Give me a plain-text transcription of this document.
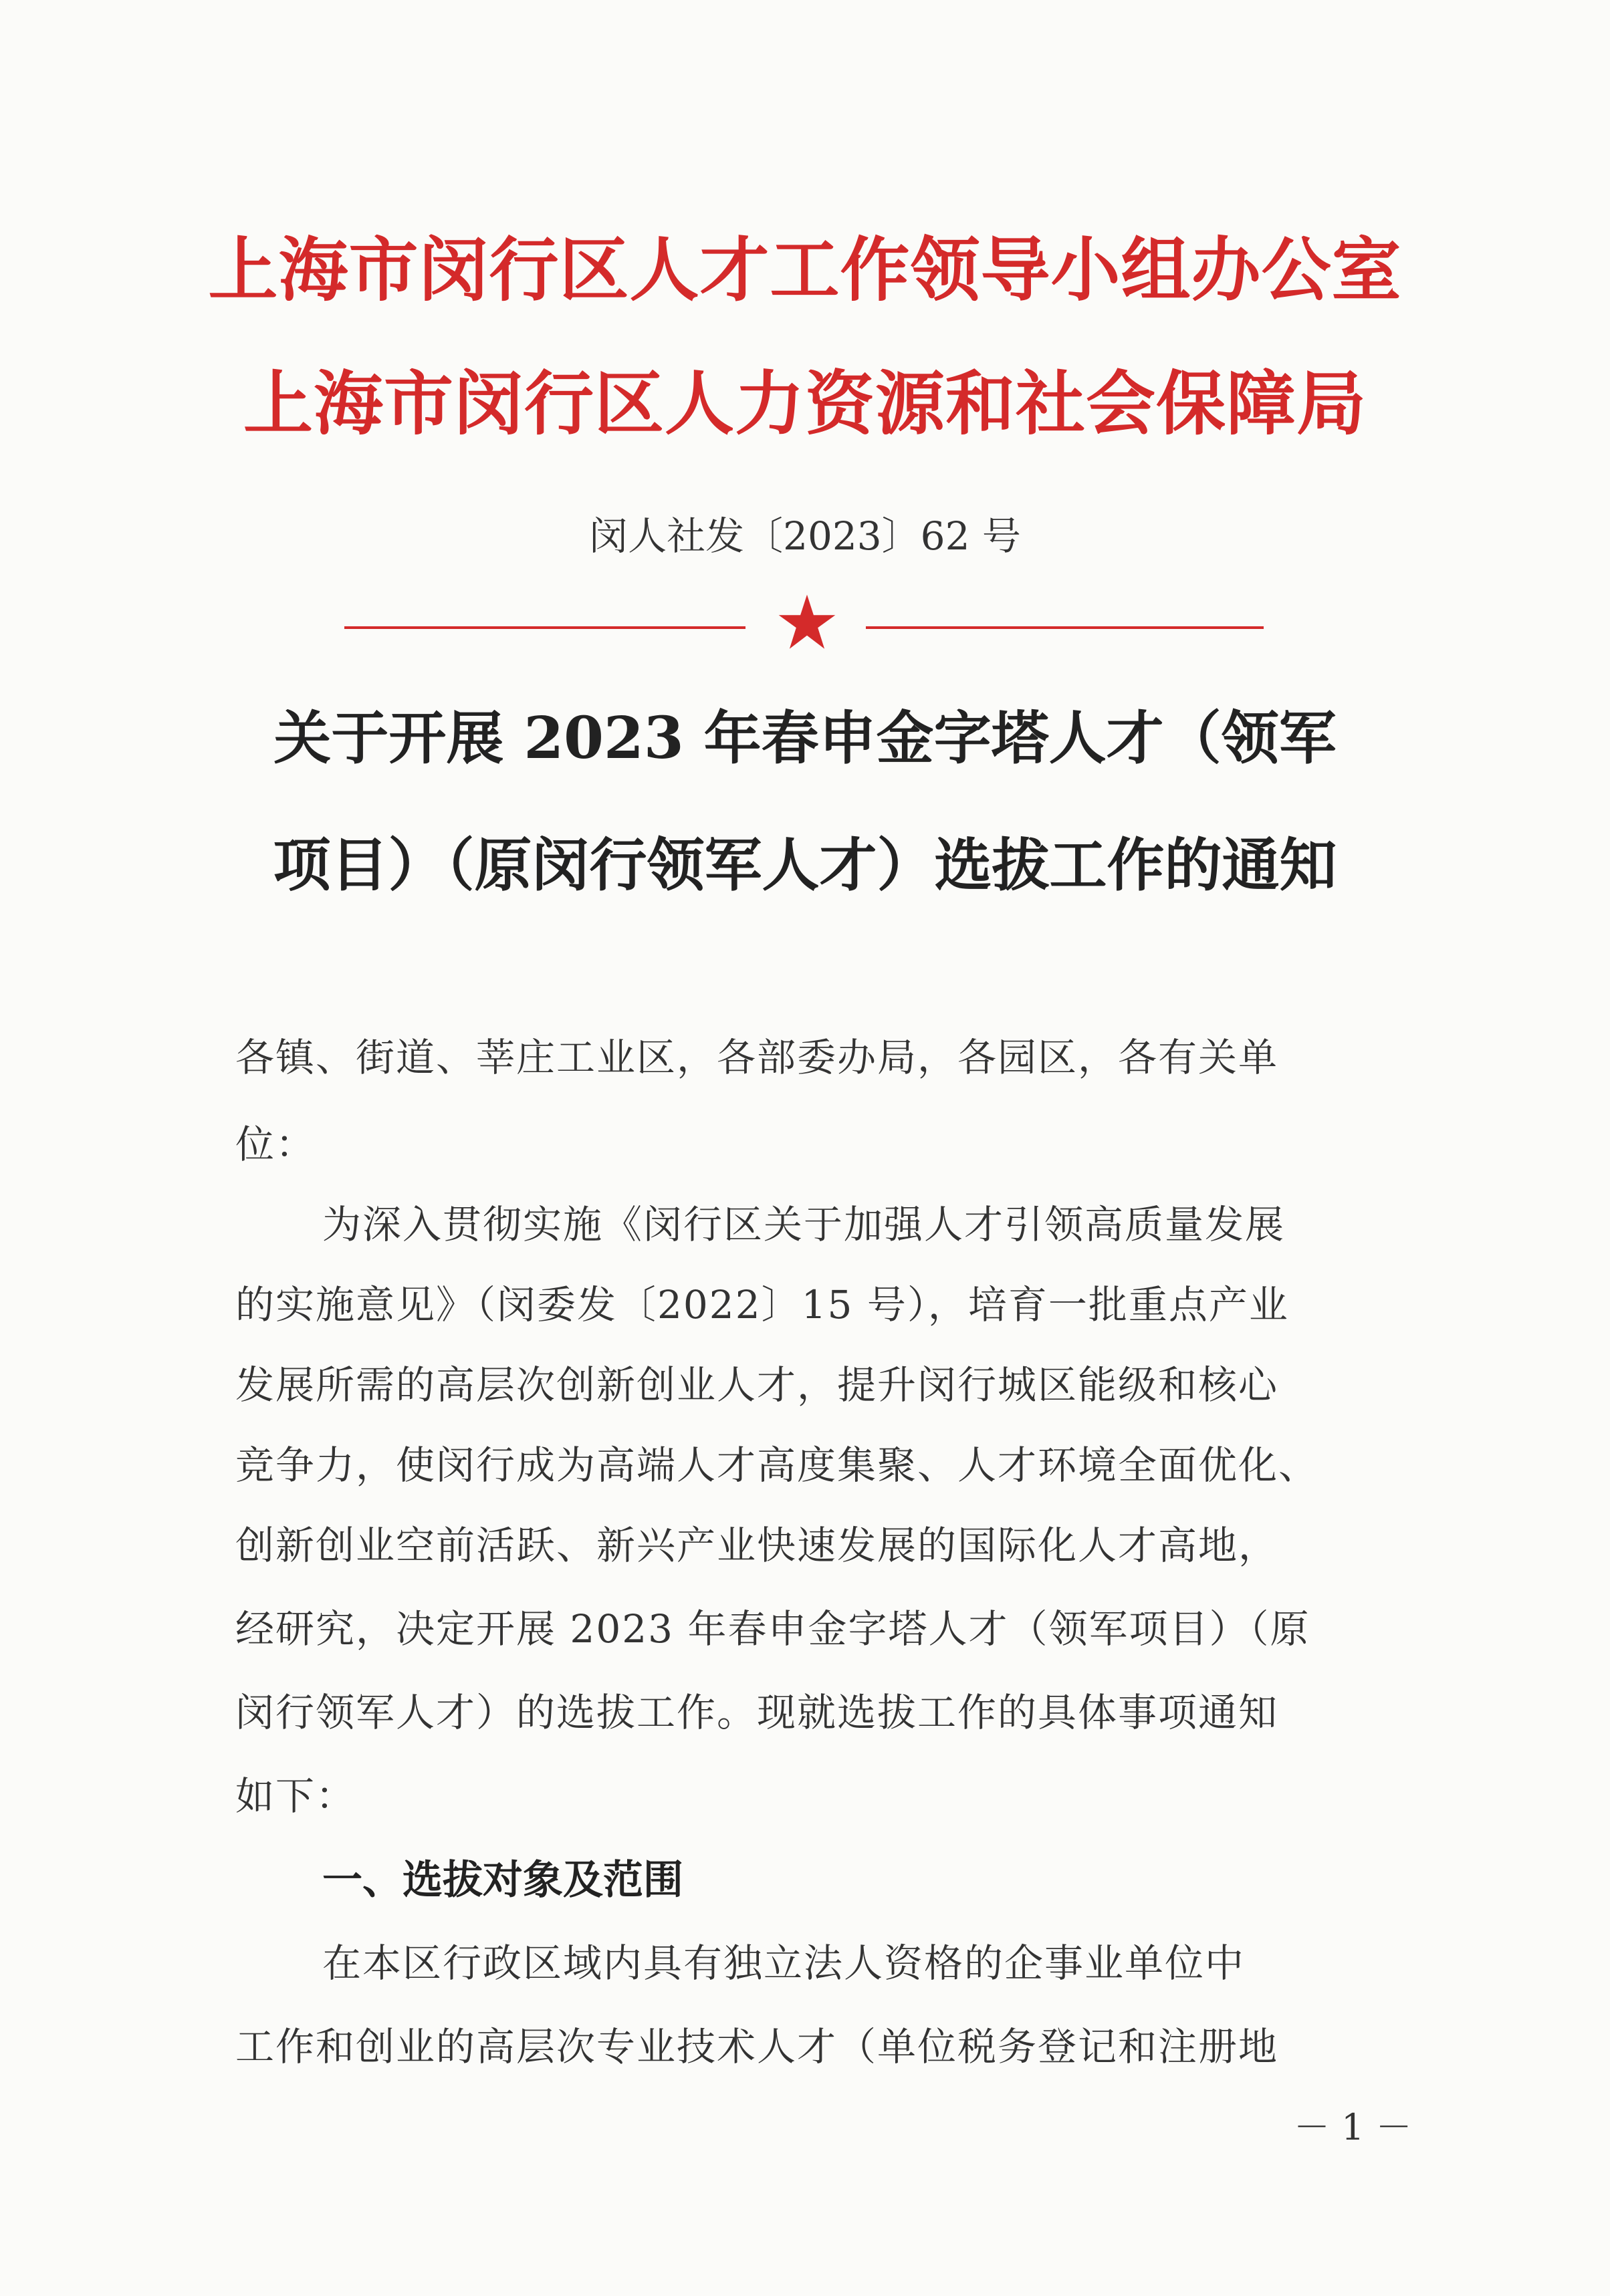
上海市闵行区人才工作领导小组办公室
上海市闵行区人力资源和社会保障局
闵人社发〔2023〕62 号
关于开展 2023 年春申金字塔人才（领军
项目）（原闵行领军人才）选拔工作的通知
各镇、街道、莘庄工业区，各部委办局，各园区，各有关单
位：
为深入贯彻实施《闵行区关于加强人才引领高质量发展
的实施意见》（闵委发〔2022〕15 号），培育一批重点产业
发展所需的高层次创新创业人才，提升闵行城区能级和核心
竞争力，使闵行成为高端人才高度集聚、人才环境全面优化、
创新创业空前活跃、新兴产业快速发展的国际化人才高地，
经研究，决定开展 2023 年春申金字塔人才（领军项目）（原
闵行领军人才）的选拔工作。现就选拔工作的具体事项通知
如下：
一、选拔对象及范围
在本区行政区域内具有独立法人资格的企事业单位中
工作和创业的高层次专业技术人才（单位税务登记和注册地
－ 1 －
